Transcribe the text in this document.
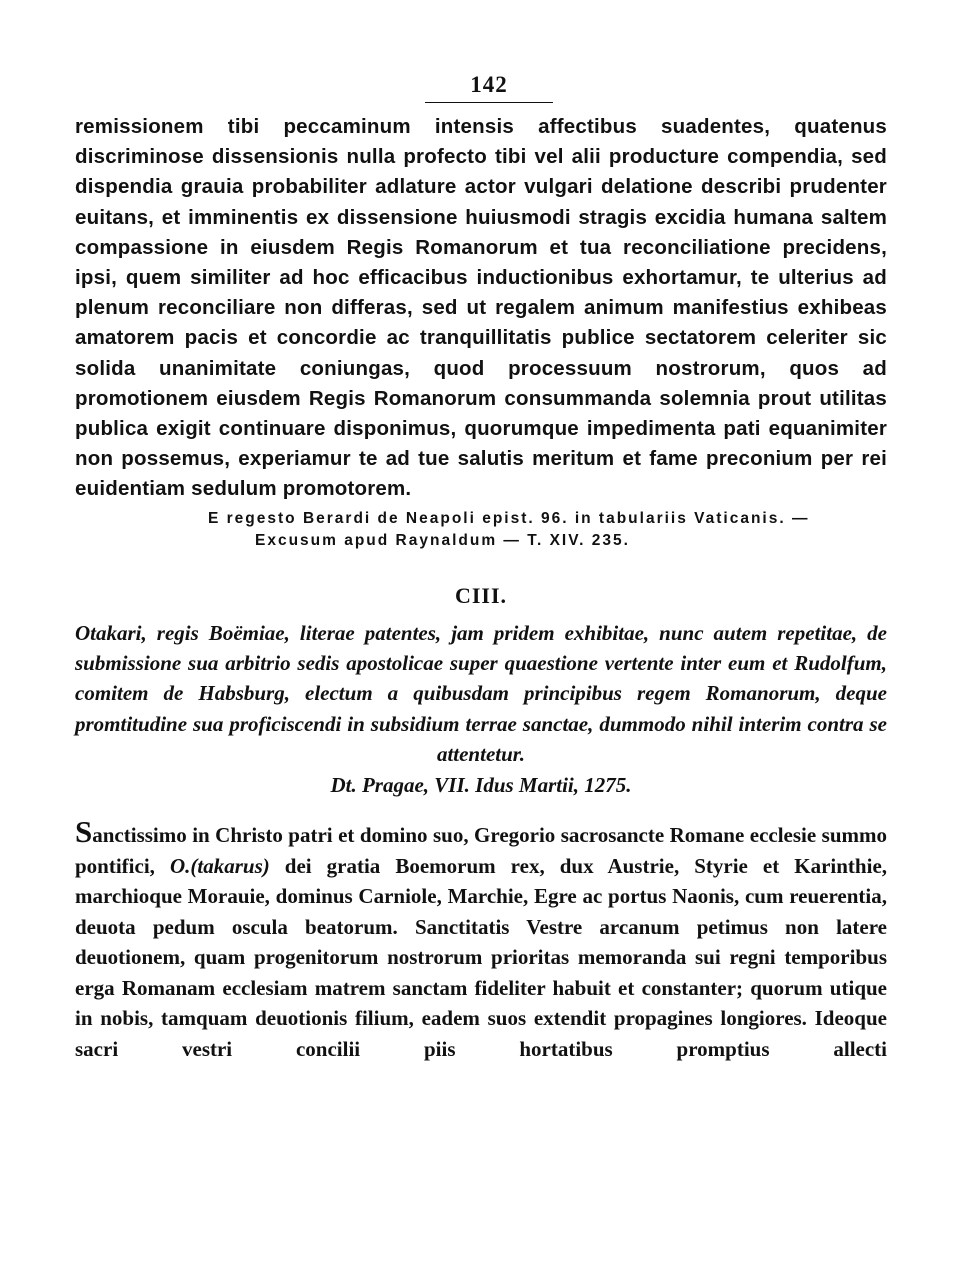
142

remissionem tibi peccaminum intensis affectibus suadentes, quatenus discriminose dissensionis nulla profecto tibi vel alii producture compendia, sed dispendia grauia probabiliter adlature actor vulgari delatione describi prudenter euitans, et imminentis ex dissensione huiusmodi stragis excidia humana saltem compassione in eiusdem Regis Romanorum et tua reconciliatione precidens, ipsi, quem similiter ad hoc efficacibus inductionibus exhortamur, te ulterius ad plenum reconciliare non differas, sed ut regalem animum manifestius exhibeas amatorem pacis et concordie ac tranquillitatis publice sectatorem celeriter sic solida unanimitate coniungas, quod processuum nostrorum, quos ad promotionem eiusdem Regis Romanorum consummanda solemnia prout utilitas publica exigit continuare disponimus, quorumque impedimenta pati equanimiter non possemus, experiamur te ad tue salutis meritum et fame preconium per rei euidentiam sedulum promotorem.

E regesto Berardi de Neapoli epist. 96. in tabulariis Vaticanis. —
Excusum apud Raynaldum — T. XIV. 235.
CIII.
Otakari, regis Boëmiae, literae patentes, jam pridem exhibitae, nunc autem repetitae, de submissione sua arbitrio sedis apostolicae super quaestione vertente inter eum et Rudolfum, comitem de Habsburg, electum a quibusdam principibus regem Romanorum, deque promtitudine sua proficiscendi in subsidium terrae sanctae, dummodo nihil interim contra se attentetur.
Dt. Pragae, VII. Idus Martii, 1275.

Sanctissimo in Christo patri et domino suo, Gregorio sacrosancte Romane ecclesie summo pontifici, O.(takarus) dei gratia Boemorum rex, dux Austrie, Styrie et Karinthie, marchioque Morauie, dominus Carniole, Marchie, Egre ac portus Naonis, cum reuerentia, deuota pedum oscula beatorum. Sanctitatis Vestre arcanum petimus non latere deuotionem, quam progenitorum nostrorum prioritas memoranda sui regni temporibus erga Romanam ecclesiam matrem sanctam fideliter habuit et constanter; quorum utique in nobis, tamquam deuotionis filium, eadem suos extendit propagines longiores. Ideoque sacri vestri concilii piis hortatibus promptius allecti
